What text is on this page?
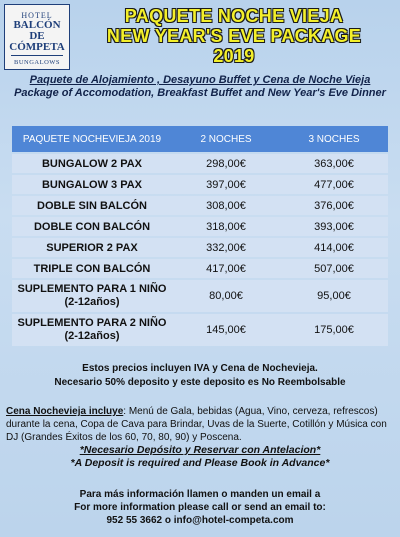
HOTEL
BALCÓN DE
CÓMPETA
BUNGALOWS
PAQUETE NOCHE VIEJA
NEW YEAR'S EVE PACKAGE
2019
Paquete de Alojamiento , Desayuno Buffet y Cena de Noche Vieja
Package of Accomodation, Breakfast Buffet and New Year's Eve Dinner
PAQUETE NOCHEVIEJA 2019	2 NOCHES	3 NOCHES
BUNGALOW 2 PAX	298,00€	363,00€
BUNGALOW 3 PAX	397,00€	477,00€
DOBLE SIN BALCÓN	308,00€	376,00€
DOBLE CON BALCÓN	318,00€	393,00€
SUPERIOR 2 PAX	332,00€	414,00€
TRIPLE CON BALCÓN	417,00€	507,00€
SUPLEMENTO PARA 1 NIÑO (2-12años)	80,00€	95,00€
SUPLEMENTO PARA 2 NIÑO (2-12años)	145,00€	175,00€
Estos precios incluyen IVA y Cena de Nochevieja.
Necesario 50% deposito y este deposito es No Reembolsable
Cena Nochevieja incluye: Menú de Gala, bebidas (Agua, Vino, cerveza, refrescos) durante la cena, Copa de Cava para Brindar, Uvas de la Suerte, Cotillón y Música con DJ (Grandes Éxitos de los 60, 70, 80, 90) y Poscena.
*Necesario Depósito y Reservar con Antelacion*
*A Deposit is required and Please Book in Advance*
Para más información llamen o manden un email a
For more information please call or send an email to:
952 55 3662 o info@hotel-competa.com
